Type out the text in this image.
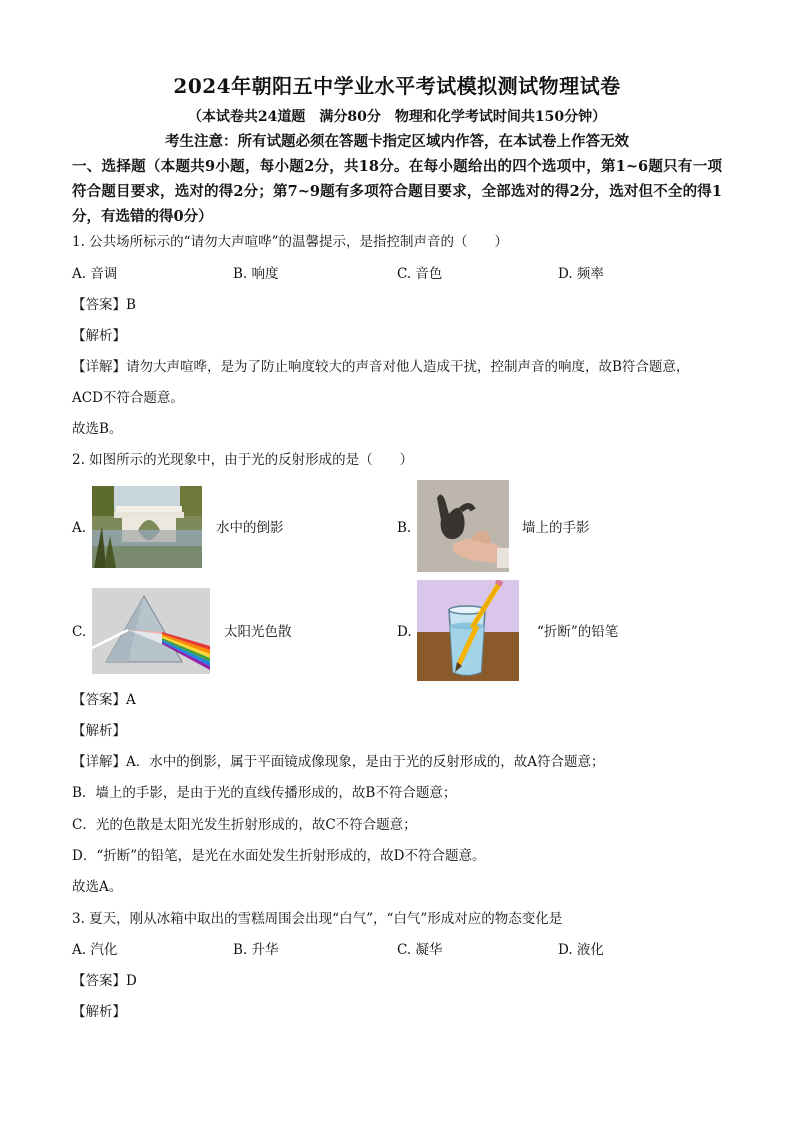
2024年朝阳五中学业水平考试模拟测试物理试卷
（本试卷共24道题　满分80分　物理和化学考试时间共150分钟）
考生注意：所有试题必须在答题卡指定区域内作答，在本试卷上作答无效
一、选择题（本题共9小题，每小题2分，共18分。在每小题给出的四个选项中，第1~6题只有一项符合题目要求，选对的得2分；第7~9题有多项符合题目要求，全部选对的得2分，选对但不全的得1分，有选错的得0分）
1. 公共场所标示的“请勿大声喧哗”的温馨提示，是指控制声音的（　　）
A. 音调	B. 响度	C. 音色	D. 频率
【答案】B
【解析】
【详解】请勿大声喧哗，是为了防止响度较大的声音对他人造成干扰，控制声音的响度，故B符合题意，
ACD不符合题意。
故选B。
2. 如图所示的光现象中，由于光的反射形成的是（　　）
A.	水中的倒影	B.	墙上的手影
C.	太阳光色散	D.	“折断”的铅笔
【答案】A
【解析】
【详解】A．水中的倒影，属于平面镜成像现象，是由于光的反射形成的，故A符合题意；
B．墙上的手影，是由于光的直线传播形成的，故B不符合题意；
C．光的色散是太阳光发生折射形成的，故C不符合题意；
D．“折断”的铅笔，是光在水面处发生折射形成的，故D不符合题意。
故选A。
3. 夏天，刚从冰箱中取出的雪糕周围会出现“白气”，“白气”形成对应的物态变化是
A. 汽化	B. 升华	C. 凝华	D. 液化
【答案】D
【解析】
